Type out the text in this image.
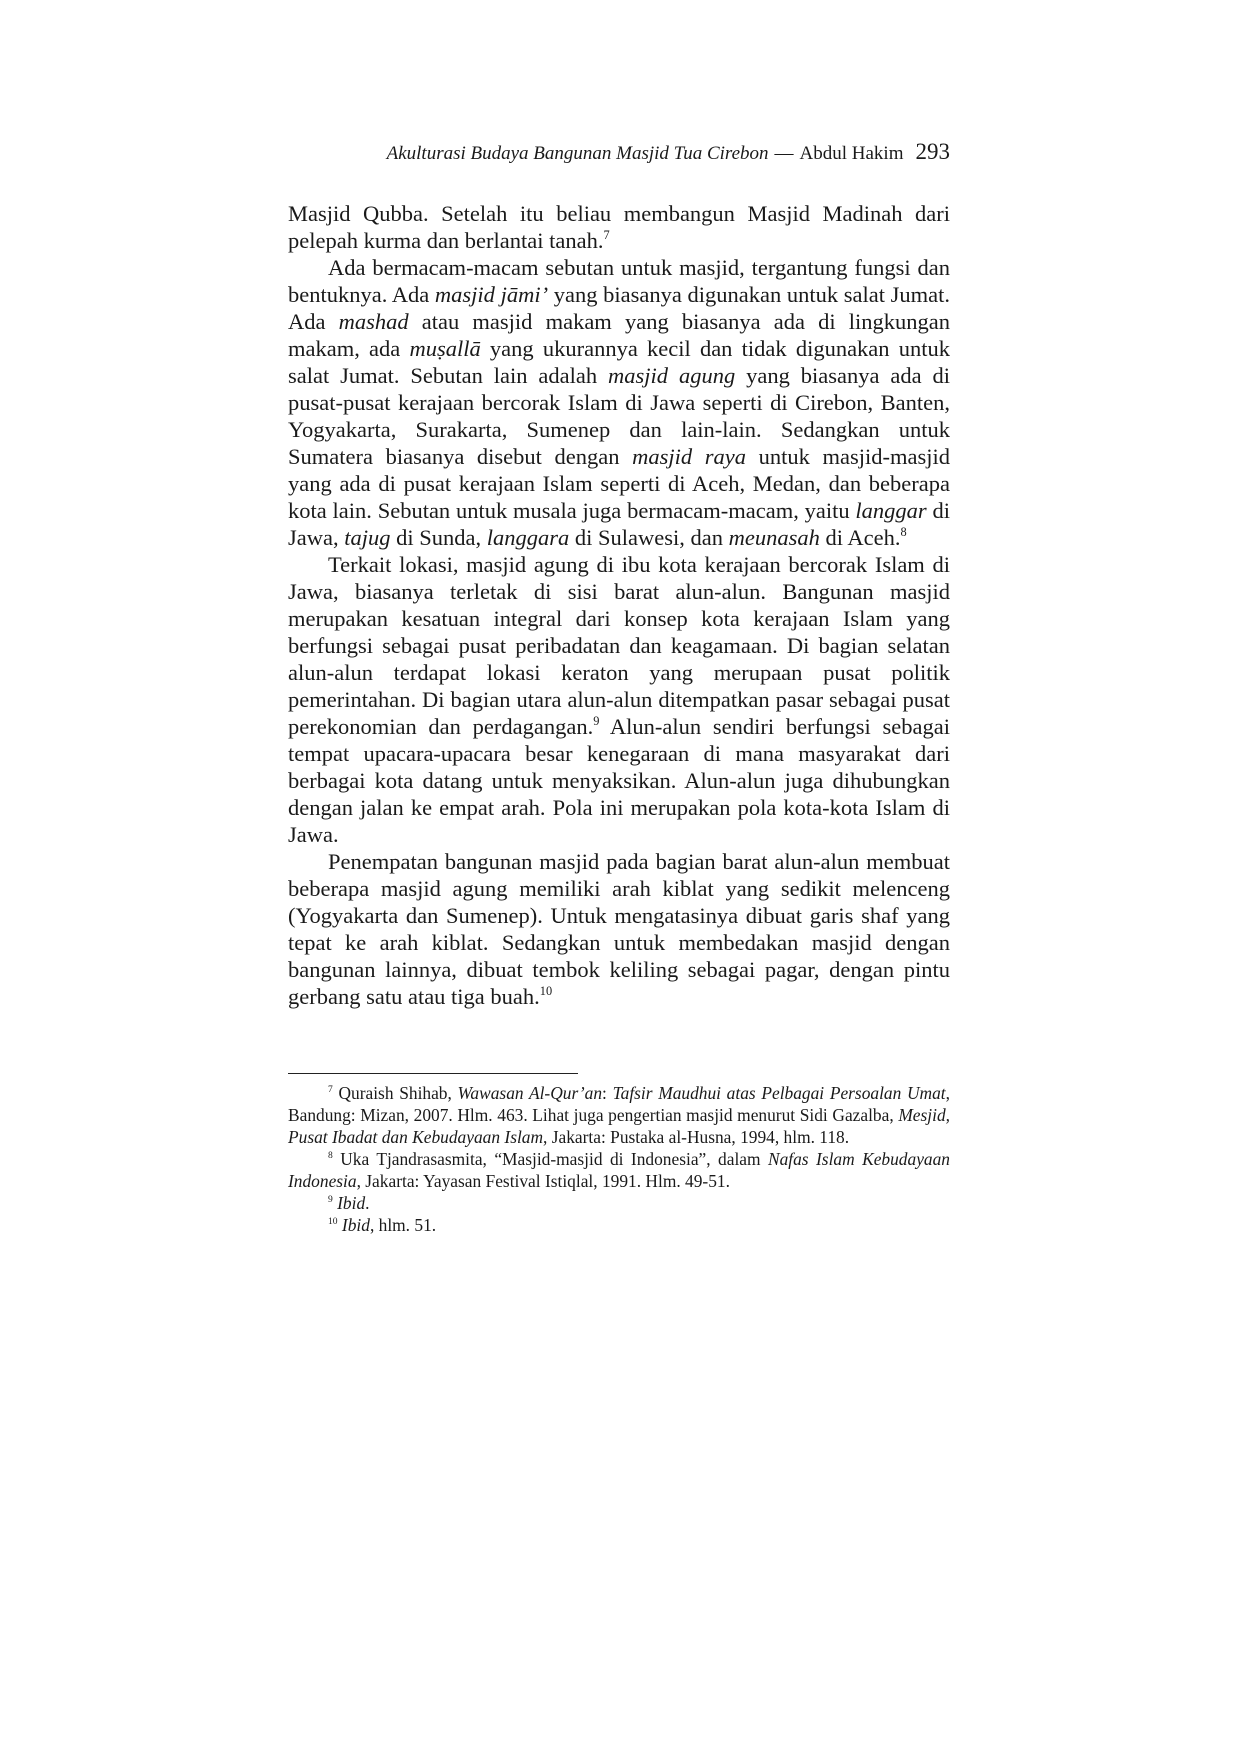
Akulturasi Budaya Bangunan Masjid Tua Cirebon — Abdul Hakim 293

Masjid Qubba. Setelah itu beliau membangun Masjid Madinah dari pelepah kurma dan berlantai tanah.$^7$

Ada bermacam-macam sebutan untuk masjid, tergantung fungsi dan bentuknya. Ada masjid jāmi’ yang biasanya digunakan untuk salat Jumat. Ada mashad atau masjid makam yang biasanya ada di lingkungan makam, ada muṣallā yang ukurannya kecil dan tidak digunakan untuk salat Jumat. Sebutan lain adalah masjid agung yang biasanya ada di pusat-pusat kerajaan bercorak Islam di Jawa seperti di Cirebon, Banten, Yogyakarta, Surakarta, Sumenep dan lain-lain. Sedangkan untuk Sumatera biasanya disebut dengan masjid raya untuk masjid-masjid yang ada di pusat kerajaan Islam seperti di Aceh, Medan, dan beberapa kota lain. Sebutan untuk musala juga bermacam-macam, yaitu langgar di Jawa, tajug di Sunda, langgara di Sulawesi, dan meunasah di Aceh.$^8$

Terkait lokasi, masjid agung di ibu kota kerajaan bercorak Islam di Jawa, biasanya terletak di sisi barat alun-alun. Bangunan masjid merupakan kesatuan integral dari konsep kota kerajaan Islam yang berfungsi sebagai pusat peribadatan dan keagamaan. Di bagian selatan alun-alun terdapat lokasi keraton yang merupaan pusat politik pemerintahan. Di bagian utara alun-alun ditempatkan pasar sebagai pusat perekonomian dan perdagangan.$^9$ Alun-alun sendiri berfungsi sebagai tempat upacara-upacara besar kenegaraan di mana masyarakat dari berbagai kota datang untuk menyaksikan. Alun-alun juga dihubungkan dengan jalan ke empat arah. Pola ini merupakan pola kota-kota Islam di Jawa.

Penempatan bangunan masjid pada bagian barat alun-alun membuat beberapa masjid agung memiliki arah kiblat yang sedikit melenceng (Yogyakarta dan Sumenep). Untuk mengatasinya dibuat garis shaf yang tepat ke arah kiblat. Sedangkan untuk membedakan masjid dengan bangunan lainnya, dibuat tembok keliling sebagai pagar, dengan pintu gerbang satu atau tiga buah.$^{10}$

$^7$ Quraish Shihab, Wawasan Al-Qur’an: Tafsir Maudhui atas Pelbagai Persoalan Umat, Bandung: Mizan, 2007. Hlm. 463. Lihat juga pengertian masjid menurut Sidi Gazalba, Mesjid, Pusat Ibadat dan Kebudayaan Islam, Jakarta: Pustaka al-Husna, 1994, hlm. 118.

$^8$ Uka Tjandrasasmita, “Masjid-masjid di Indonesia”, dalam Nafas Islam Kebudayaan Indonesia, Jakarta: Yayasan Festival Istiqlal, 1991. Hlm. 49-51.

$^9$ Ibid.

$^{10}$ Ibid, hlm. 51.
